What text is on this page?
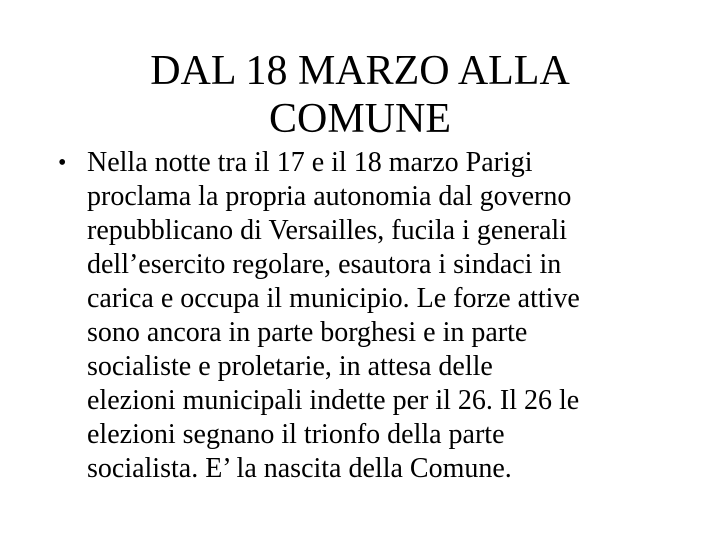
DAL 18 MARZO ALLA
COMUNE
• Nella notte tra il 17 e il 18 marzo Parigi
proclama la propria autonomia dal governo
repubblicano di Versailles, fucila i generali
dell’esercito regolare, esautora i sindaci in
carica e occupa il municipio. Le forze attive
sono ancora in parte borghesi e in parte
socialiste e proletarie, in attesa delle
elezioni municipali indette per il 26. Il 26 le
elezioni segnano il trionfo della parte
socialista. E’ la nascita della Comune.
